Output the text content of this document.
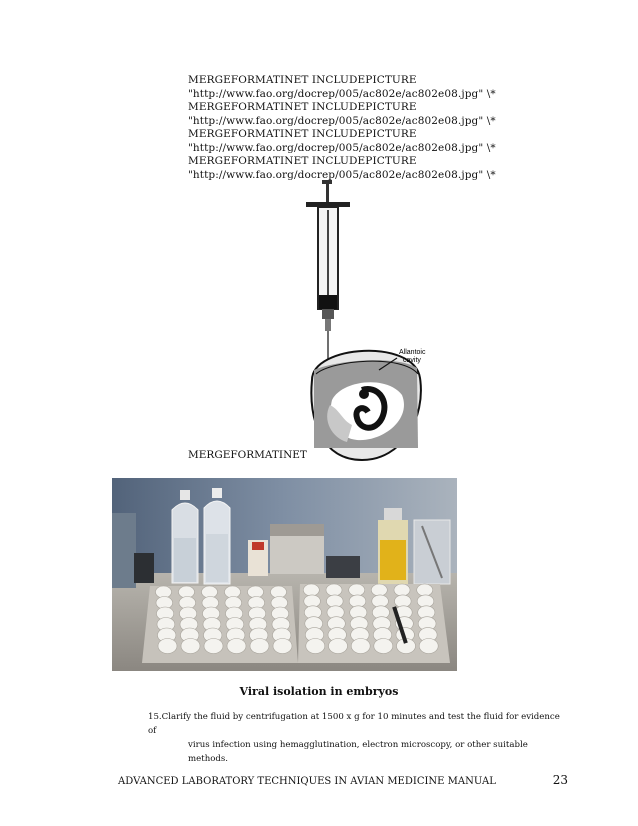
MERGEFORMATINET INCLUDEPICTURE
"http://www.fao.org/docrep/005/ac802e/ac802e08.jpg" \*
MERGEFORMATINET INCLUDEPICTURE
"http://www.fao.org/docrep/005/ac802e/ac802e08.jpg" \*
MERGEFORMATINET INCLUDEPICTURE
"http://www.fao.org/docrep/005/ac802e/ac802e08.jpg" \*
MERGEFORMATINET INCLUDEPICTURE
"http://www.fao.org/docrep/005/ac802e/ac802e08.jpg" \*
Allantoic
cavity
MERGEFORMATINET
Viral isolation in embryos
15.Clarify the fluid by centrifugation at 1500 x g for 10 minutes and test the fluid for evidence of
virus infection using hemagglutination, electron microscopy, or other suitable methods.
ADVANCED LABORATORY TECHNIQUES IN AVIAN MEDICINE MANUAL	23
